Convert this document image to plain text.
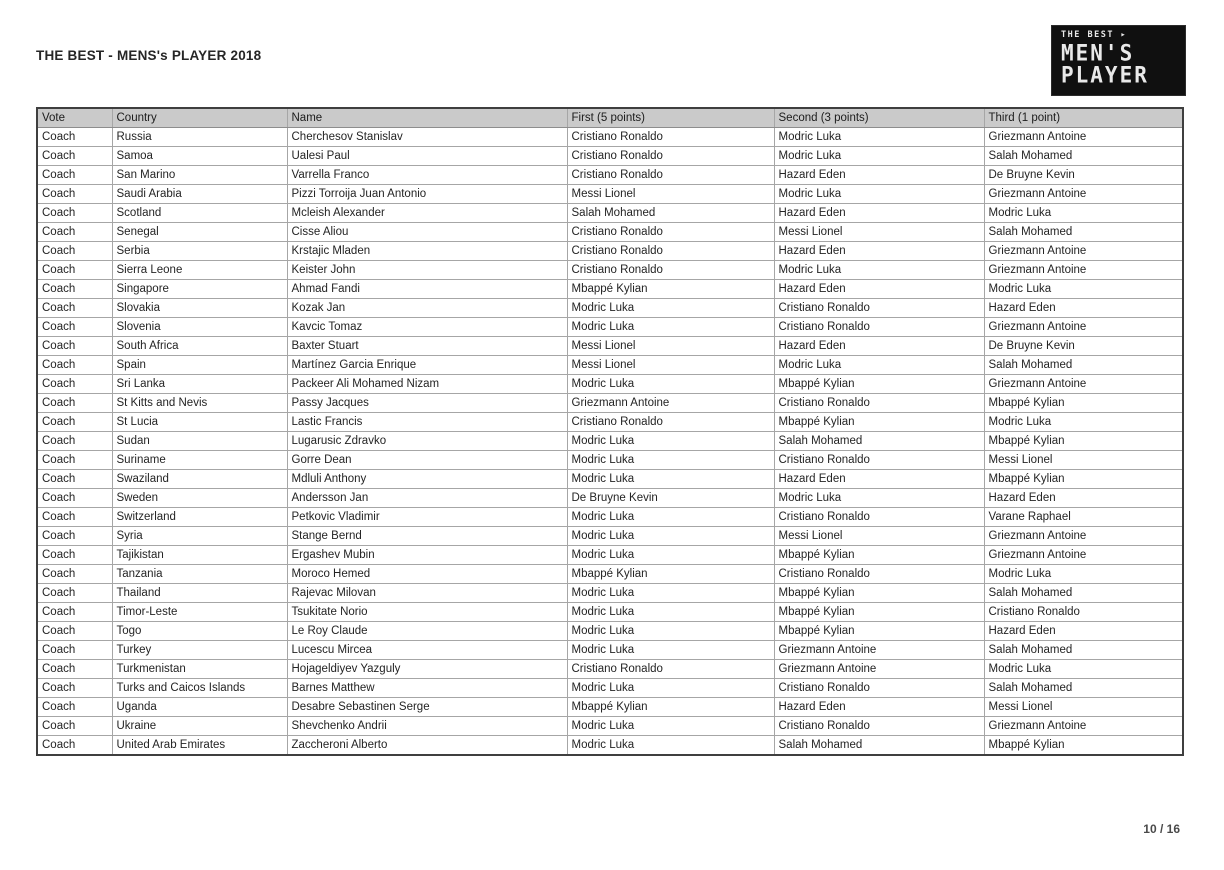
THE BEST - MENS's PLAYER 2018
THE BEST ▸
MEN'S
PLAYER
Vote	Country	Name	First (5 points)	Second (3 points)	Third (1 point)
Coach	Russia	Cherchesov Stanislav	Cristiano Ronaldo	Modric Luka	Griezmann Antoine
Coach	Samoa	Ualesi Paul	Cristiano Ronaldo	Modric Luka	Salah Mohamed
Coach	San Marino	Varrella Franco	Cristiano Ronaldo	Hazard Eden	De Bruyne Kevin
Coach	Saudi Arabia	Pizzi Torroija Juan Antonio	Messi Lionel	Modric Luka	Griezmann Antoine
Coach	Scotland	Mcleish Alexander	Salah Mohamed	Hazard Eden	Modric Luka
Coach	Senegal	Cisse Aliou	Cristiano Ronaldo	Messi Lionel	Salah Mohamed
Coach	Serbia	Krstajic Mladen	Cristiano Ronaldo	Hazard Eden	Griezmann Antoine
Coach	Sierra Leone	Keister John	Cristiano Ronaldo	Modric Luka	Griezmann Antoine
Coach	Singapore	Ahmad Fandi	Mbappé Kylian	Hazard Eden	Modric Luka
Coach	Slovakia	Kozak Jan	Modric Luka	Cristiano Ronaldo	Hazard Eden
Coach	Slovenia	Kavcic Tomaz	Modric Luka	Cristiano Ronaldo	Griezmann Antoine
Coach	South Africa	Baxter Stuart	Messi Lionel	Hazard Eden	De Bruyne Kevin
Coach	Spain	Martínez Garcia Enrique	Messi Lionel	Modric Luka	Salah Mohamed
Coach	Sri Lanka	Packeer Ali Mohamed Nizam	Modric Luka	Mbappé Kylian	Griezmann Antoine
Coach	St Kitts and Nevis	Passy Jacques	Griezmann Antoine	Cristiano Ronaldo	Mbappé Kylian
Coach	St Lucia	Lastic Francis	Cristiano Ronaldo	Mbappé Kylian	Modric Luka
Coach	Sudan	Lugarusic Zdravko	Modric Luka	Salah Mohamed	Mbappé Kylian
Coach	Suriname	Gorre Dean	Modric Luka	Cristiano Ronaldo	Messi Lionel
Coach	Swaziland	Mdluli Anthony	Modric Luka	Hazard Eden	Mbappé Kylian
Coach	Sweden	Andersson Jan	De Bruyne Kevin	Modric Luka	Hazard Eden
Coach	Switzerland	Petkovic Vladimir	Modric Luka	Cristiano Ronaldo	Varane Raphael
Coach	Syria	Stange Bernd	Modric Luka	Messi Lionel	Griezmann Antoine
Coach	Tajikistan	Ergashev Mubin	Modric Luka	Mbappé Kylian	Griezmann Antoine
Coach	Tanzania	Moroco Hemed	Mbappé Kylian	Cristiano Ronaldo	Modric Luka
Coach	Thailand	Rajevac Milovan	Modric Luka	Mbappé Kylian	Salah Mohamed
Coach	Timor-Leste	Tsukitate Norio	Modric Luka	Mbappé Kylian	Cristiano Ronaldo
Coach	Togo	Le Roy Claude	Modric Luka	Mbappé Kylian	Hazard Eden
Coach	Turkey	Lucescu Mircea	Modric Luka	Griezmann Antoine	Salah Mohamed
Coach	Turkmenistan	Hojageldiyev Yazguly	Cristiano Ronaldo	Griezmann Antoine	Modric Luka
Coach	Turks and Caicos Islands	Barnes Matthew	Modric Luka	Cristiano Ronaldo	Salah Mohamed
Coach	Uganda	Desabre Sebastinen Serge	Mbappé Kylian	Hazard Eden	Messi Lionel
Coach	Ukraine	Shevchenko Andrii	Modric Luka	Cristiano Ronaldo	Griezmann Antoine
Coach	United Arab Emirates	Zaccheroni Alberto	Modric Luka	Salah Mohamed	Mbappé Kylian
10 / 16
